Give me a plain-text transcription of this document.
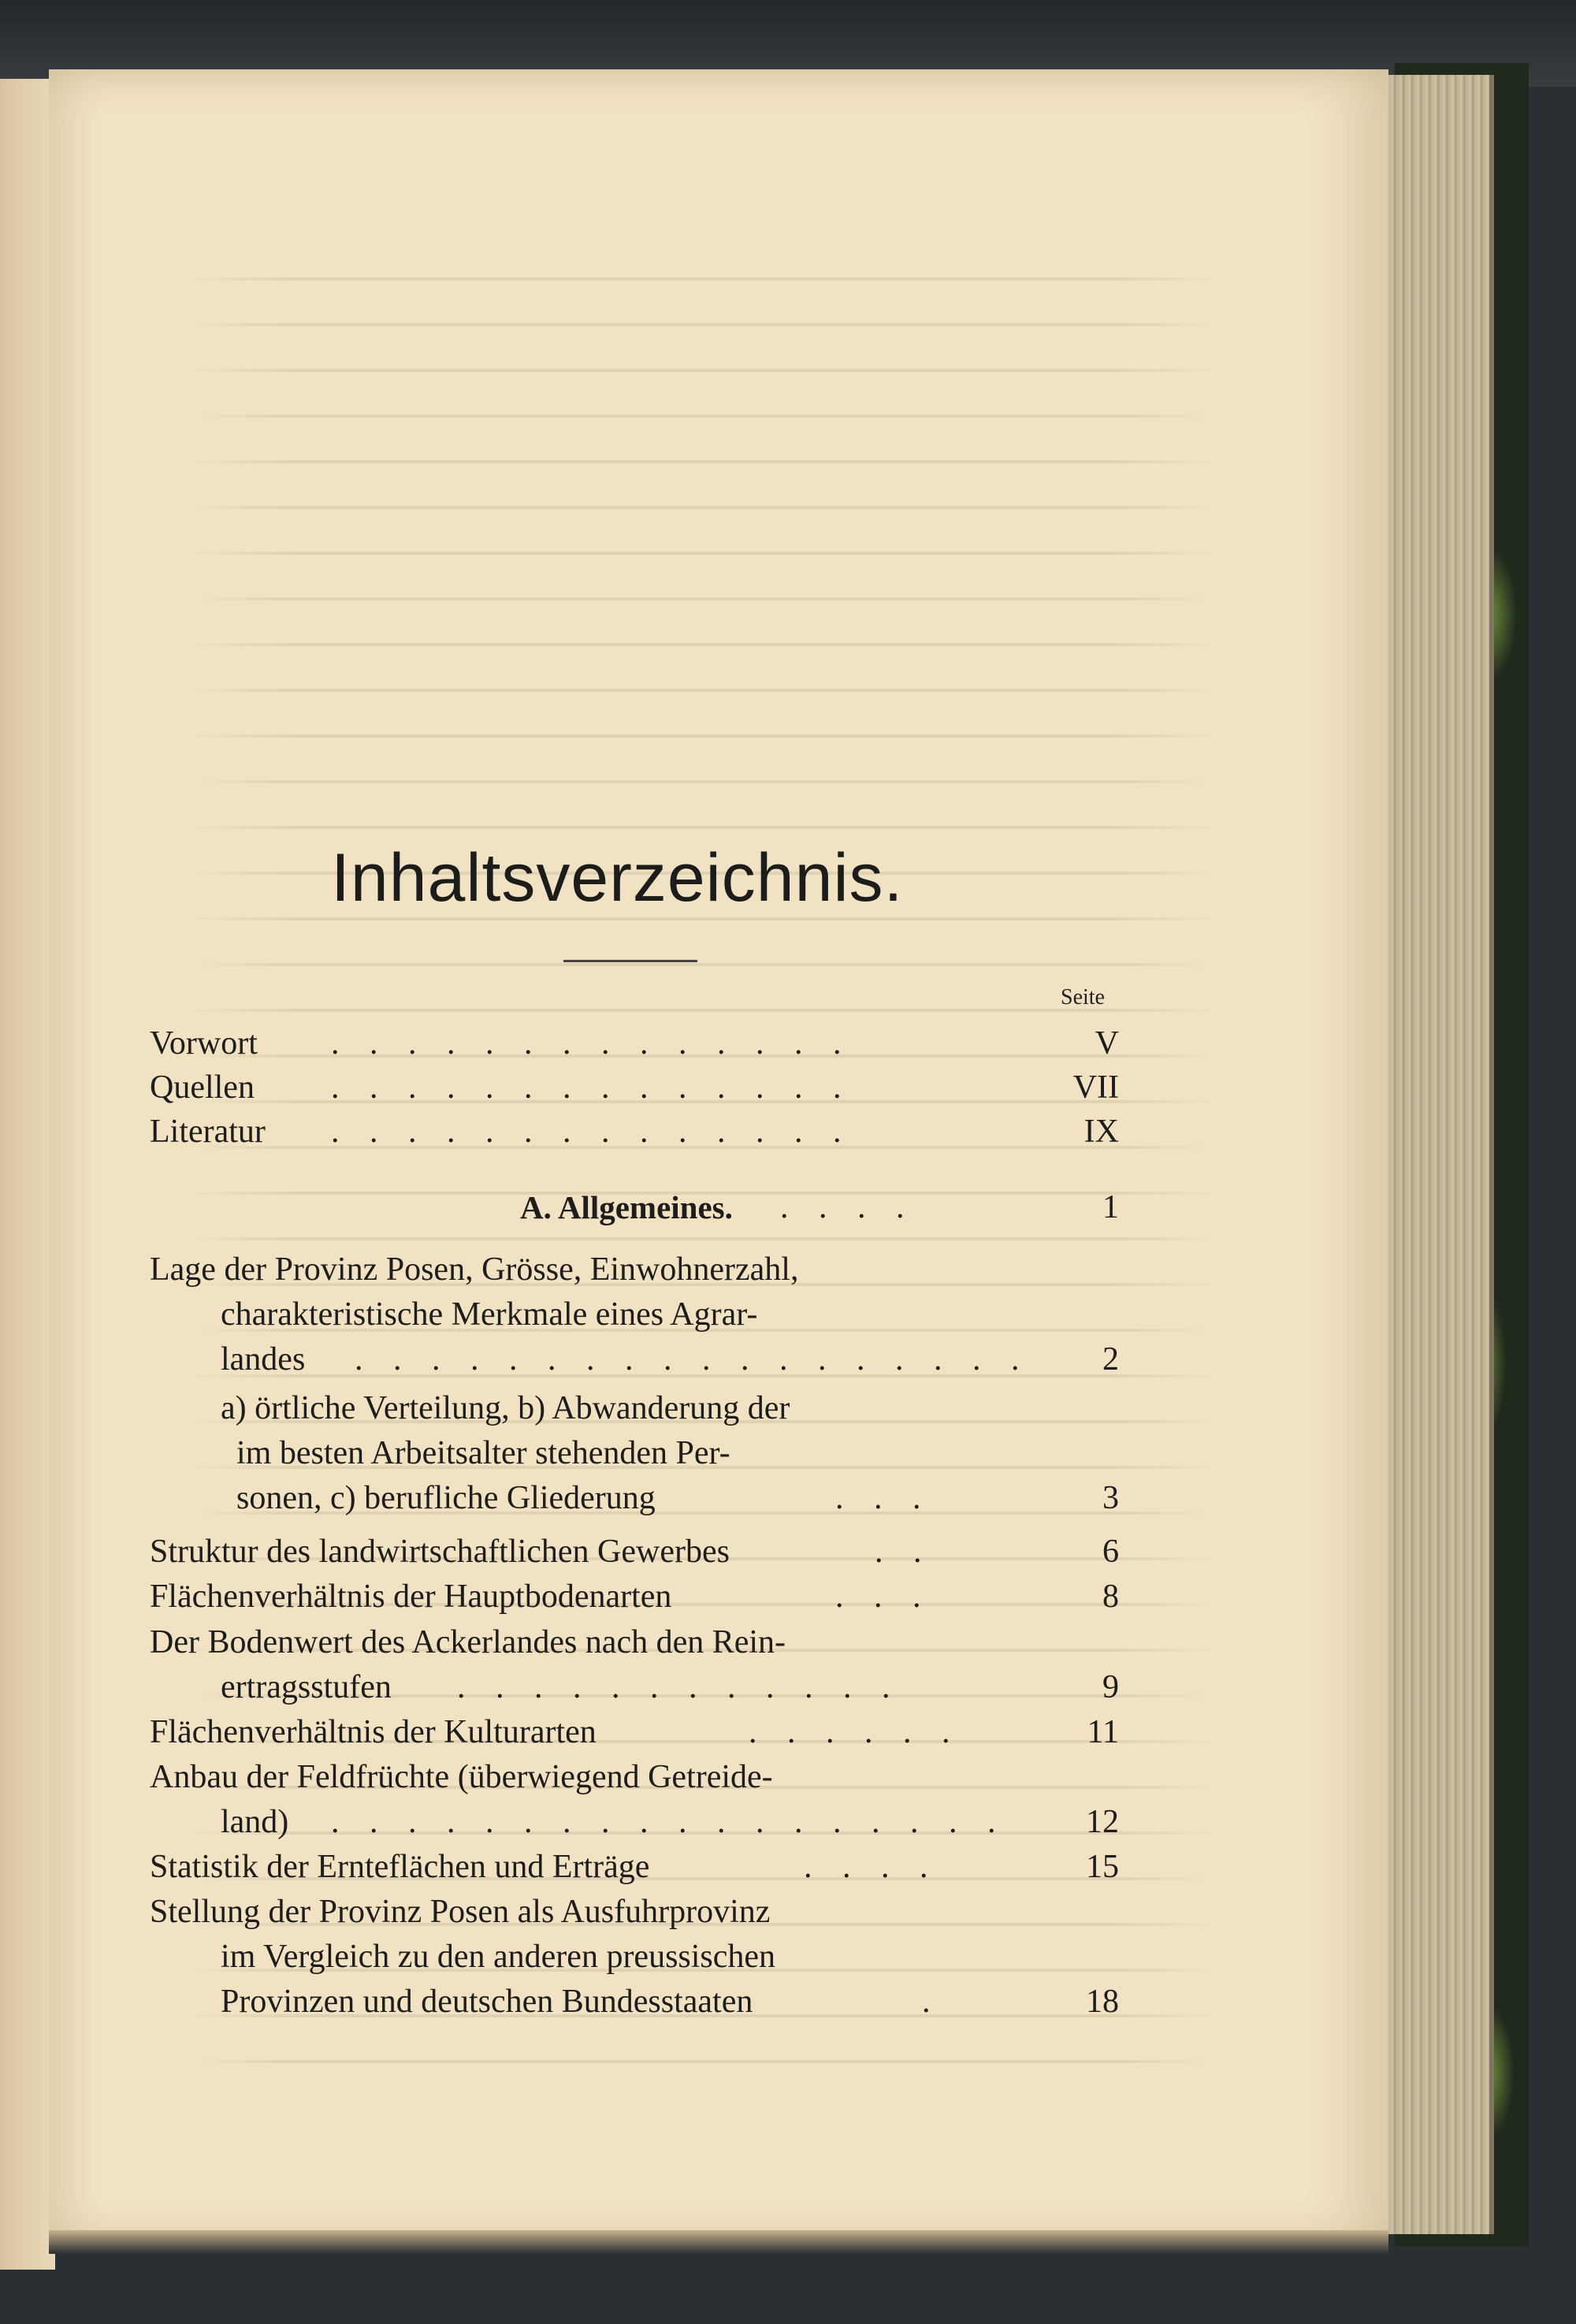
Inhaltsverzeichnis.
Seite
Vorwort . . . . . . . . . . . . . .	V
Quellen . . . . . . . . . . . . . .	VII
Literatur . . . . . . . . . . . . . .	IX
A. Allgemeines. . . . .	1
Lage der Provinz Posen, Grösse, Einwohnerzahl,
charakteristische Merkmale eines Agrar-
landes . . . . . . . . . . . . . . . . . . 2
a) örtliche Verteilung, b) Abwanderung der
im besten Arbeitsalter stehenden Per-
sonen, c) berufliche Gliederung	. . .	3
Struktur des landwirtschaftlichen Gewerbes	. .	6
Flächenverhältnis der Hauptbodenarten	. . .	8
Der Bodenwert des Ackerlandes nach den Rein-
ertragsstufen . . . . . . . . . . . .	9
Flächenverhältnis der Kulturarten	. . . . . .	11
Anbau der Feldfrüchte (überwiegend Getreide-
land) . . . . . . . . . . . . . . . . . . 12
Statistik der Ernteflächen und Erträge	. . . .	15
Stellung der Provinz Posen als Ausfuhrprovinz
im Vergleich zu den anderen preussischen
Provinzen und deutschen Bundesstaaten	.	18
